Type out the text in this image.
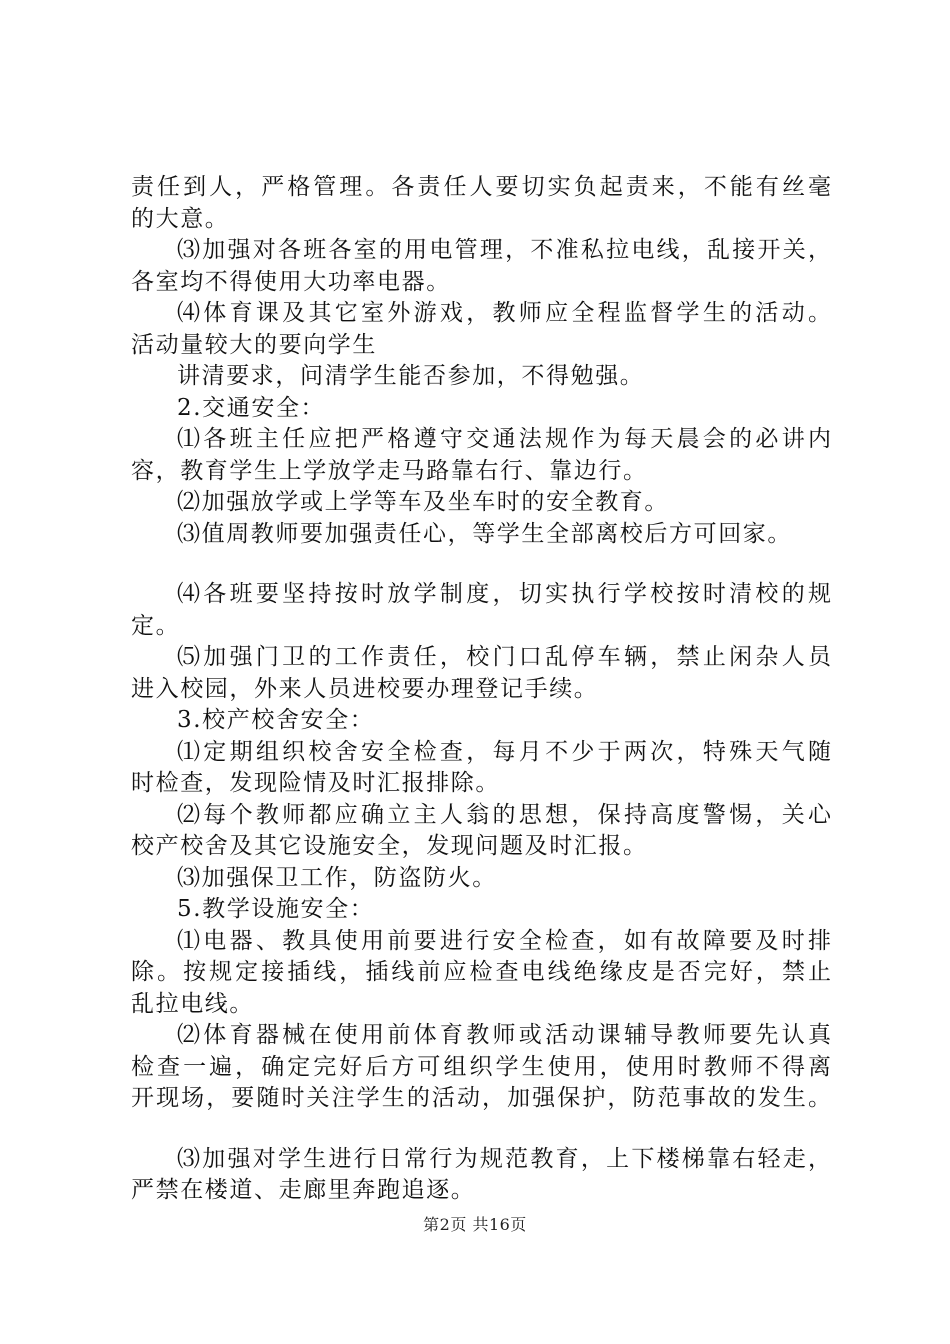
责任到人，严格管理。各责任人要切实负起责来，不能有丝毫
的大意。
⑶加强对各班各室的用电管理，不准私拉电线，乱接开关，
各室均不得使用大功率电器。
⑷体育课及其它室外游戏，教师应全程监督学生的活动。
活动量较大的要向学生
讲清要求，问清学生能否参加，不得勉强。
2.交通安全：
⑴各班主任应把严格遵守交通法规作为每天晨会的必讲内
容，教育学生上学放学走马路靠右行、靠边行。
⑵加强放学或上学等车及坐车时的安全教育。
⑶值周教师要加强责任心，等学生全部离校后方可回家。
⑷各班要坚持按时放学制度，切实执行学校按时清校的规
定。
⑸加强门卫的工作责任，校门口乱停车辆，禁止闲杂人员
进入校园，外来人员进校要办理登记手续。
3.校产校舍安全：
⑴定期组织校舍安全检查，每月不少于两次，特殊天气随
时检查，发现险情及时汇报排除。
⑵每个教师都应确立主人翁的思想，保持高度警惕，关心
校产校舍及其它设施安全，发现问题及时汇报。
⑶加强保卫工作，防盗防火。
5.教学设施安全：
⑴电器、教具使用前要进行安全检查，如有故障要及时排
除。按规定接插线，插线前应检查电线绝缘皮是否完好，禁止
乱拉电线。
⑵体育器械在使用前体育教师或活动课辅导教师要先认真
检查一遍，确定完好后方可组织学生使用，使用时教师不得离
开现场，要随时关注学生的活动，加强保护，防范事故的发生。
⑶加强对学生进行日常行为规范教育，上下楼梯靠右轻走，
严禁在楼道、走廊里奔跑追逐。
第2页 共16页
